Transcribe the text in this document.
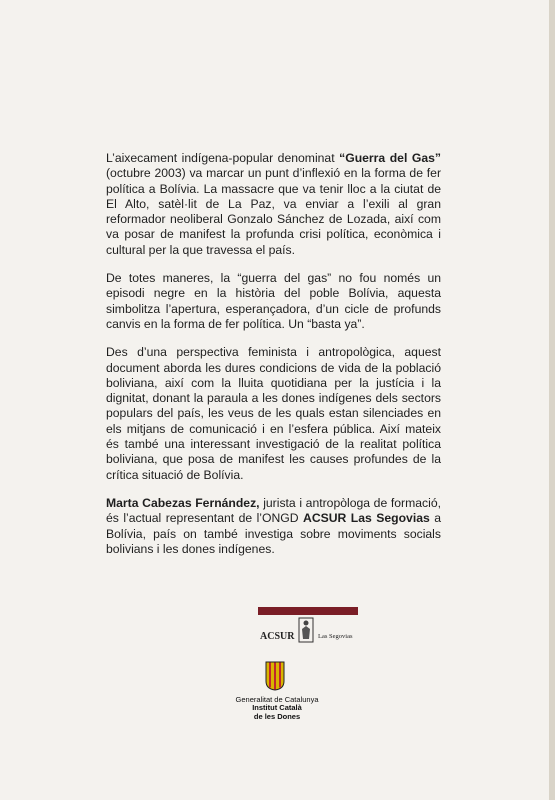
L’aixecament indígena-popular denominat “Guerra del Gas” (octubre 2003) va marcar un punt d’inflexió en la forma de fer política a Bolívia. La massacre que va tenir lloc a la ciutat de El Alto, satèl·lit de La Paz, va enviar a l’exili al gran reformador neoliberal Gonzalo Sánchez de Lozada, així com va posar de manifest la profunda crisi política, econòmica i cultural per la que travessa el país.

De totes maneres, la “guerra del gas” no fou només un episodi negre en la història del poble Bolívia, aquesta simbolitza l’apertura, esperançadora, d’un cicle de profunds canvis en la forma de fer política. Un “basta ya”.

Des d’una perspectiva feminista i antropològica, aquest document aborda les dures condicions de vida de la població boliviana, així com la lluita quotidiana per la justícia i la dignitat, donant la paraula a les dones indígenes dels sectors populars del país, les veus de les quals estan silenciades en els mitjans de comunicació i en l’esfera pública. Així mateix és també una interessant investigació de la realitat política boliviana, que posa de manifest les causes profundes de la crítica situació de Bolívia.

Marta Cabezas Fernández, jurista i antropòloga de formació, és l’actual representant de l’ONGD ACSUR Las Segovias a Bolívia, país on també investiga sobre moviments socials bolivians i les dones indígenes.

ACSUR	Las Segovias
Generalitat de Catalunya
Institut Català
de les Dones
